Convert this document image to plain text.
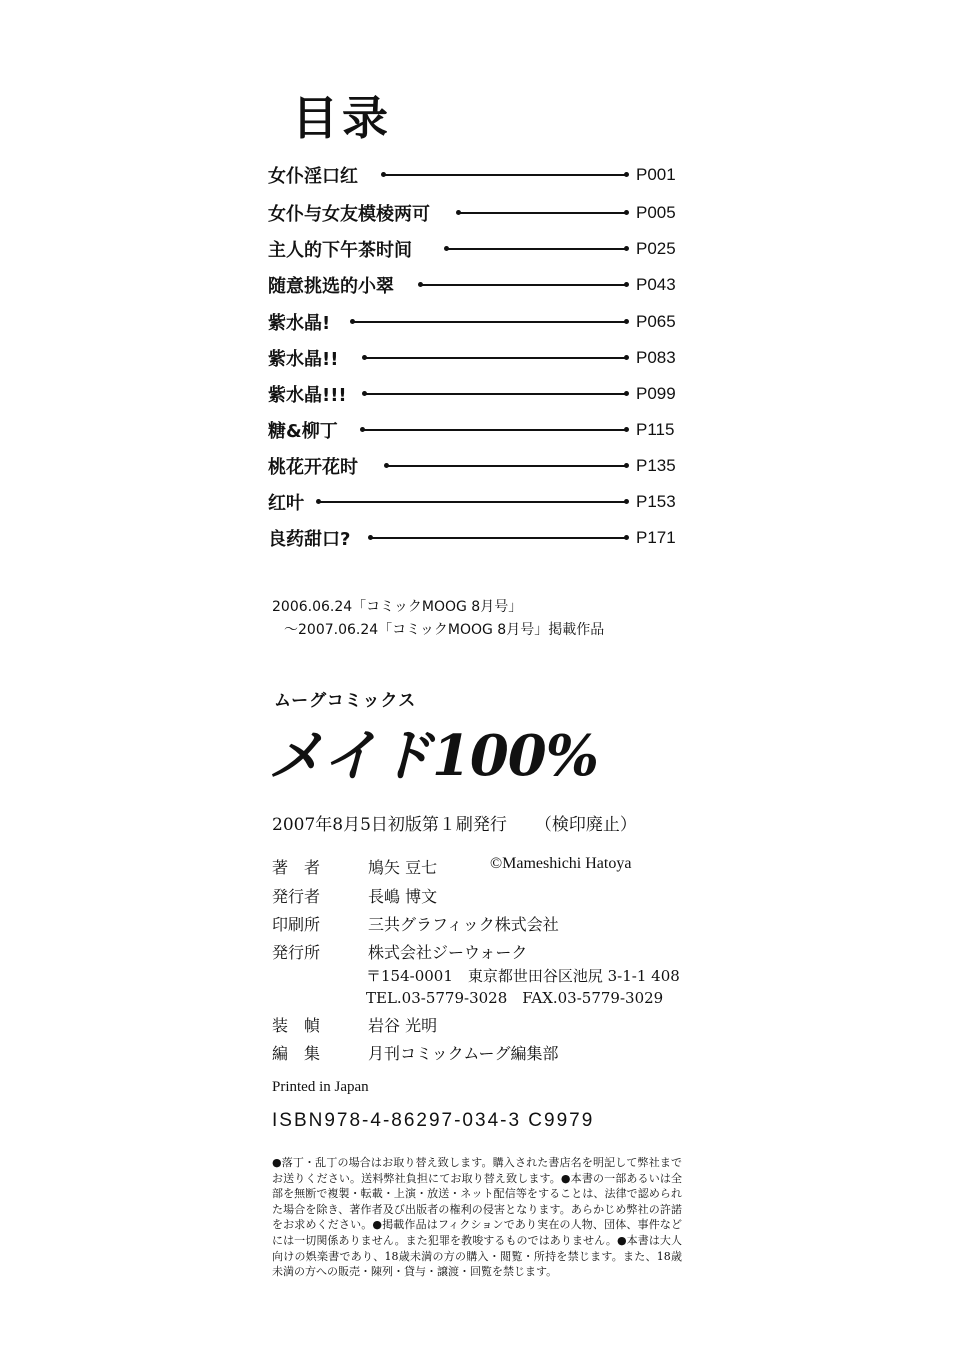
目录
女仆淫口红	P001
女仆与女友模棱两可	P005
主人的下午茶时间	P025
随意挑选的小翠	P043
紫水晶!	P065
紫水晶!!	P083
紫水晶!!!	P099
糖&柳丁	P115
桃花开花时	P135
红叶	P153
良药甜口?	P171
2006.06.24「コミックMOOG 8月号」
～2007.06.24「コミックMOOG 8月号」掲載作品
ムーグコミックス
メイド100%
2007年8月5日初版第１刷発行 （検印廃止）
著　者	鳩矢 豆七	©Mameshichi Hatoya
発行者	長嶋 博文
印刷所	三共グラフィック株式会社
発行所	株式会社ジーウォーク
〒154-0001　東京都世田谷区池尻 3-1-1 408
TEL.03-5779-3028　FAX.03-5779-3029
装　幀	岩谷 光明
編　集	月刊コミックムーグ編集部
Printed in Japan
ISBN978-4-86297-034-3 C9979
●落丁・乱丁の場合はお取り替え致します。購入された書店名を明記して弊社までお送りください。送料弊社負担にてお取り替え致します。●本書の一部あるいは全部を無断で複製・転載・上演・放送・ネット配信等をすることは、法律で認められた場合を除き、著作者及び出版者の権利の侵害となります。あらかじめ弊社の許諾をお求めください。●掲載作品はフィクションであり実在の人物、団体、事件などには一切関係ありません。また犯罪を教唆するものではありません。●本書は大人向けの娯楽書であり、18歳未満の方の購入・閲覧・所持を禁じます。また、18歳未満の方への販売・陳列・貸与・譲渡・回覧を禁じます。
